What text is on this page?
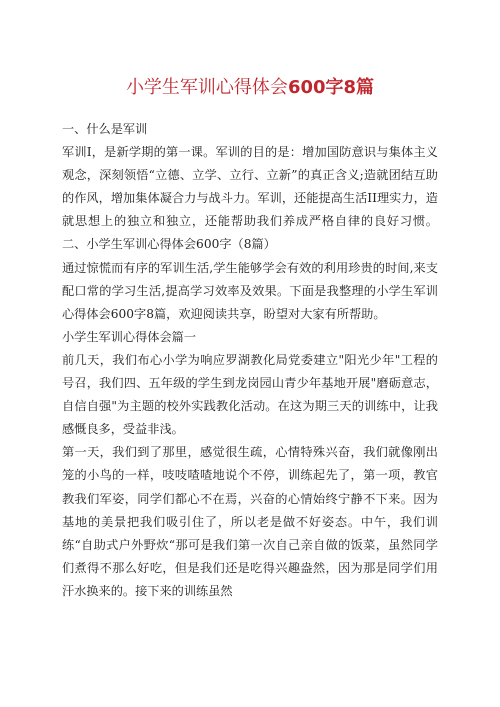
小学生军训心得体会600字8篇

一、什么是军训

军训I，是新学期的第一课。军训的目的是：增加国防意识与集体主义观念，深刻领悟“立德、立学、立行、立新”的真正含义;造就团结互助的作风，增加集体凝合力与战斗力。军训，还能提高生活II理实力，造就思想上的独立和独立，还能帮助我们养成严格自律的良好习惯。二、小学生军训心得体会600字（8篇）

通过惊慌而有序的军训生活,学生能够学会有效的利用珍贵的时间,来支配口常的学习生活,提高学习效率及效果。下面是我整理的小学生军训心得体会600字8篇，欢迎阅读共享，盼望对大家有所帮助。

小学生军训心得体会篇一

前几天，我们布心小学为响应罗湖教化局党委建立"阳光少年"工程的号召，我们四、五年级的学生到龙岗园山青少年基地开展"磨砺意志，自信自强"为主题的校外实践教化活动。在这为期三天的训练中，让我感慨良多，受益非浅。

第一天，我们到了那里，感觉很生疏，心情特殊兴奋，我们就像刚出笼的小鸟的一样，吱吱喳喳地说个不停，训练起先了，第一项，教官教我们军姿，同学们都心不在焉，兴奋的心情始终宁静不下来。因为基地的美景把我们吸引住了，所以老是做不好姿态。中午，我们训练“自助式户外野炊“那可是我们第一次自己亲自做的饭菜，虽然同学们煮得不那么好吃，但是我们还是吃得兴趣盎然，因为那是同学们用汗水换来的。接下来的训练虽然
